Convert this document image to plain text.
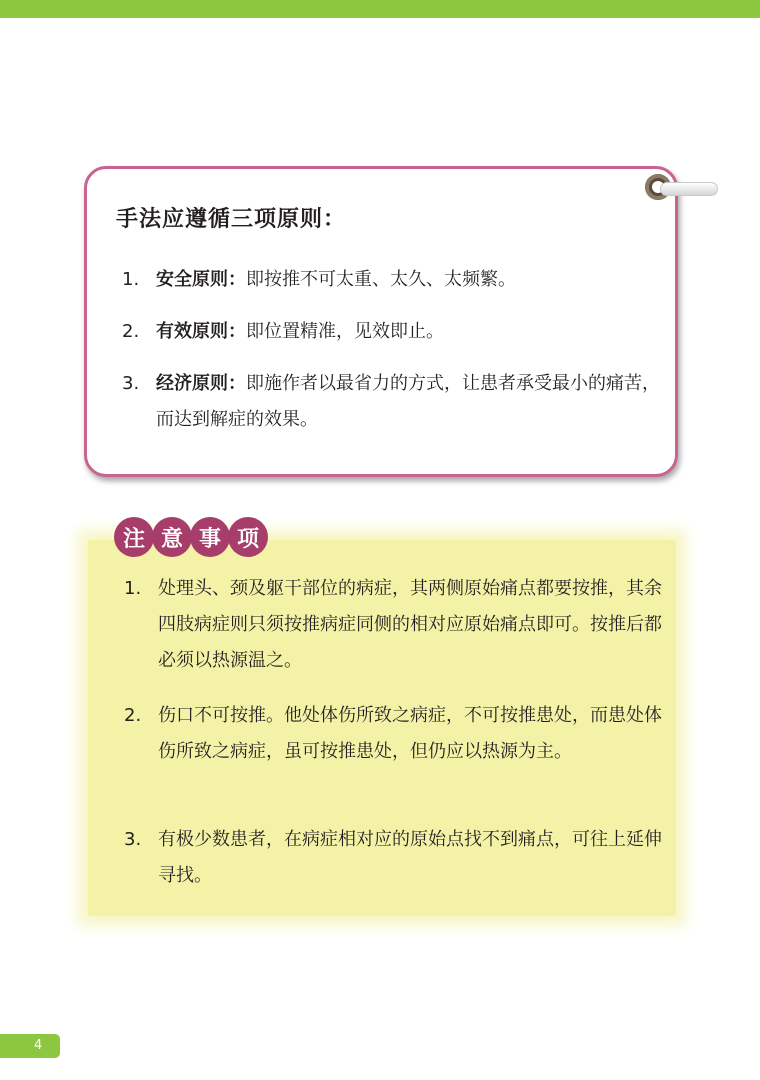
手法应遵循三项原则：
1. 安全原则：即按推不可太重、太久、太频繁。
2. 有效原则：即位置精准，见效即止。
3. 经济原则：即施作者以最省力的方式，让患者承受最小的痛苦，而达到解症的效果。
注 意 事 项
1. 处理头、颈及躯干部位的病症，其两侧原始痛点都要按推，其余四肢病症则只须按推病症同侧的相对应原始痛点即可。按推后都必须以热源温之。
2. 伤口不可按推。他处体伤所致之病症，不可按推患处，而患处体伤所致之病症，虽可按推患处，但仍应以热源为主。
3. 有极少数患者，在病症相对应的原始点找不到痛点，可往上延伸寻找。
4
